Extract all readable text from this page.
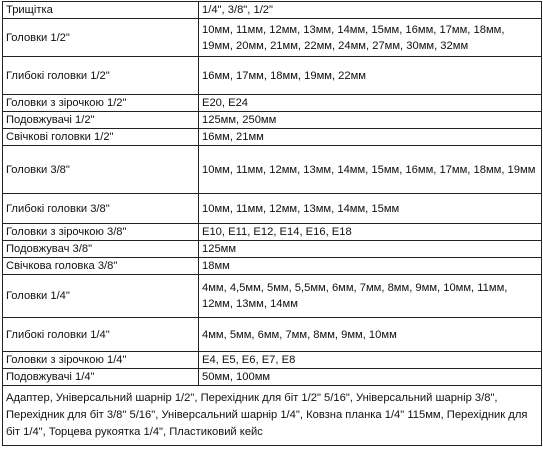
Трищітка	1/4", 3/8", 1/2"
Головки 1/2"	10мм, 11мм, 12мм, 13мм, 14мм, 15мм, 16мм, 17мм, 18мм, 19мм, 20мм, 21мм, 22мм, 24мм, 27мм, 30мм, 32мм
Глибокі головки 1/2"	16мм, 17мм, 18мм, 19мм, 22мм
Головки з зірочкою 1/2"	E20, E24
Подовжувачі 1/2"	125мм, 250мм
Свічкові головки 1/2"	16мм, 21мм
Головки 3/8"	10мм, 11мм, 12мм, 13мм, 14мм, 15мм, 16мм, 17мм, 18мм, 19мм
Глибокі головки 3/8"	10мм, 11мм, 12мм, 13мм, 14мм, 15мм
Головки з зірочкою 3/8"	E10, E11, E12, E14, E16, E18
Подовжувач 3/8"	125мм
Свічкова головка 3/8"	18мм
Головки 1/4"	4мм, 4,5мм, 5мм, 5,5мм, 6мм, 7мм, 8мм, 9мм, 10мм, 11мм, 12мм, 13мм, 14мм
Глибокі головки 1/4"	4мм, 5мм, 6мм, 7мм, 8мм, 9мм, 10мм
Головки з зірочкою 1/4"	E4, E5, E6, E7, E8
Подовжувачі 1/4"	50мм, 100мм
Адаптер, Універсальний шарнір 1/2", Перехідник для біт 1/2" 5/16", Універсальний шарнір 3/8", Перехідник для біт 3/8" 5/16", Універсальний шарнір 1/4", Ковзна планка 1/4" 115мм, Перехідник для біт 1/4", Торцева рукоятка 1/4", Пластиковий кейс	
